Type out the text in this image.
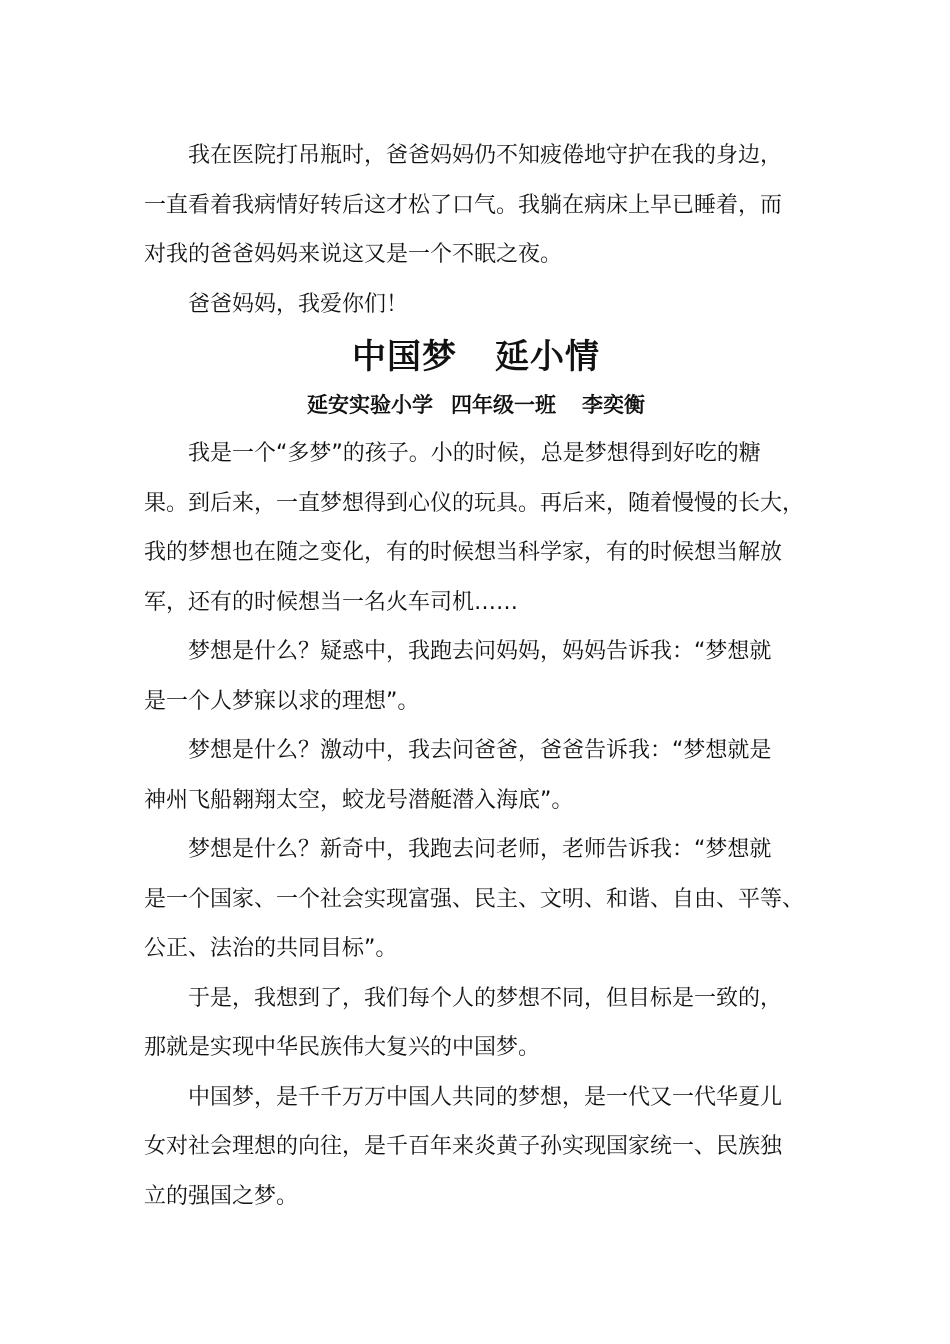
我在医院打吊瓶时，爸爸妈妈仍不知疲倦地守护在我的身边，
一直看着我病情好转后这才松了口气。我躺在病床上早已睡着，而
对我的爸爸妈妈来说这又是一个不眠之夜。

爸爸妈妈，我爱你们！

中国梦 延小情
延安实验小学 四年级一班 李奕衡

我是一个“多梦”的孩子。小的时候，总是梦想得到好吃的糖
果。到后来，一直梦想得到心仪的玩具。再后来，随着慢慢的长大，
我的梦想也在随之变化，有的时候想当科学家，有的时候想当解放
军，还有的时候想当一名火车司机……

梦想是什么？疑惑中，我跑去问妈妈，妈妈告诉我：“梦想就
是一个人梦寐以求的理想”。

梦想是什么？激动中，我去问爸爸，爸爸告诉我：“梦想就是
神州飞船翱翔太空，蛟龙号潜艇潜入海底”。

梦想是什么？新奇中，我跑去问老师，老师告诉我：“梦想就
是一个国家、一个社会实现富强、民主、文明、和谐、自由、平等、
公正、法治的共同目标”。

于是，我想到了，我们每个人的梦想不同，但目标是一致的，
那就是实现中华民族伟大复兴的中国梦。

中国梦，是千千万万中国人共同的梦想，是一代又一代华夏儿
女对社会理想的向往，是千百年来炎黄子孙实现国家统一、民族独
立的强国之梦。
